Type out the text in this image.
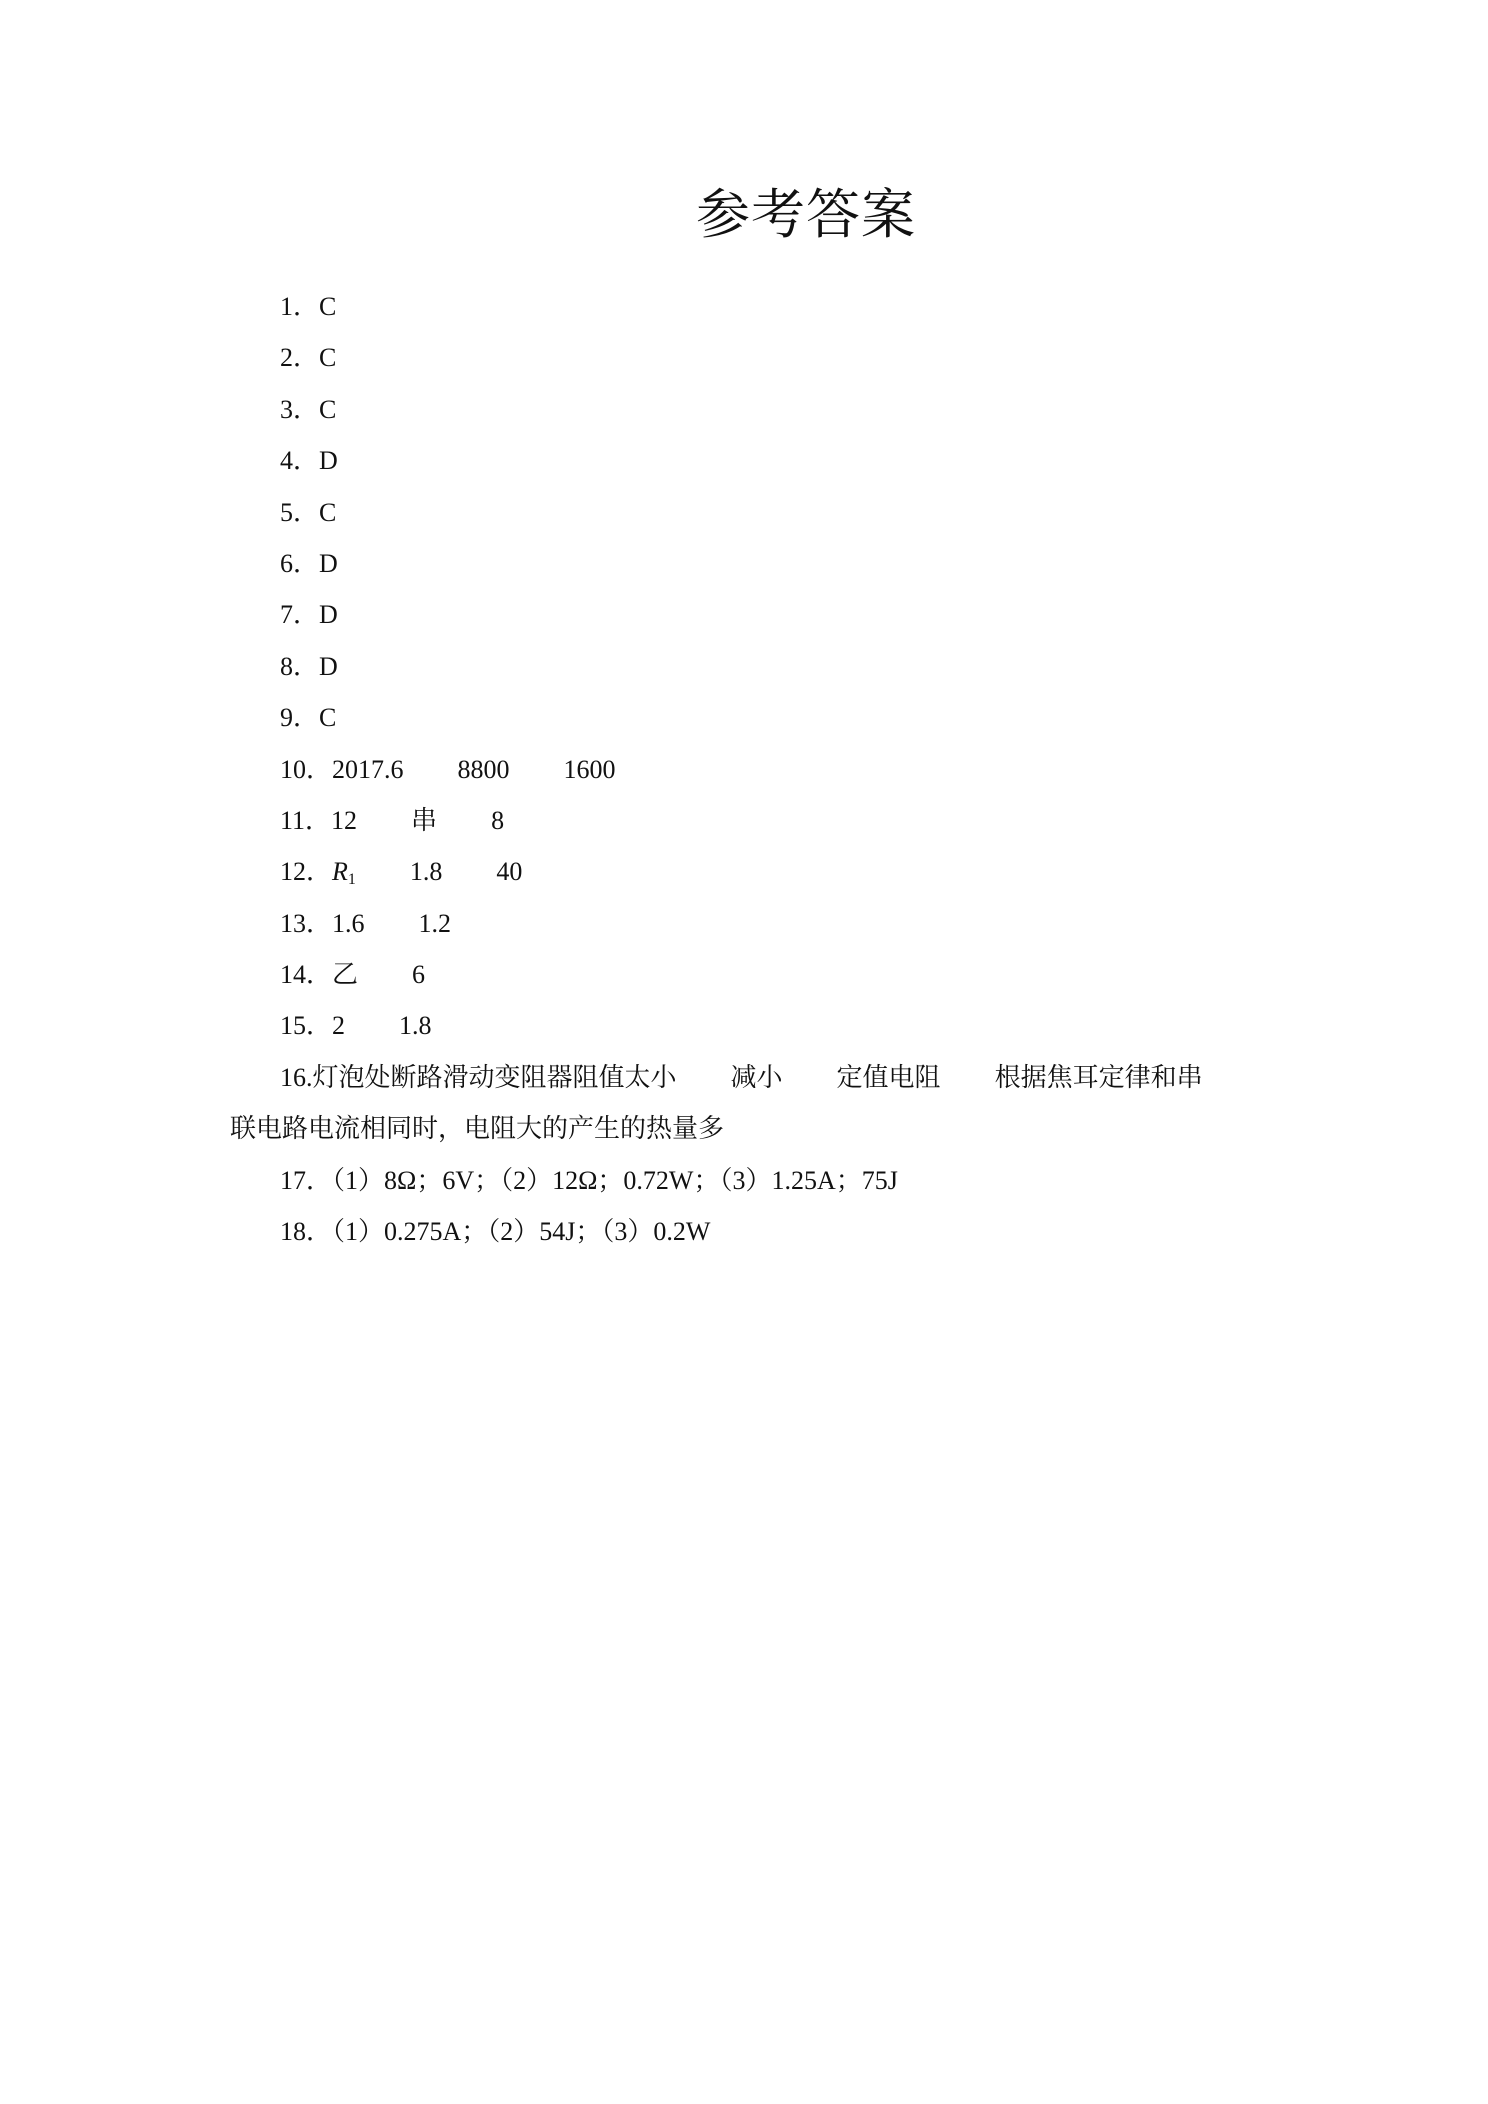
参考答案
1．C
2．C
3．C
4．D
5．C
6．D
7．D
8．D
9．C
10．2017.6 8800 1600
11．12 串 8
12．R1 1.8 40
13．1.6 1.2
14．乙 6
15．2 1.8
16.灯泡处断路滑动变阻器阻值太小 减小 定值电阻 根据焦耳定律和串
联电路电流相同时，电阻大的产生的热量多
17．（1）8Ω；6V；（2）12Ω；0.72W；（3）1.25A；75J
18．（1）0.275A；（2）54J；（3）0.2W
